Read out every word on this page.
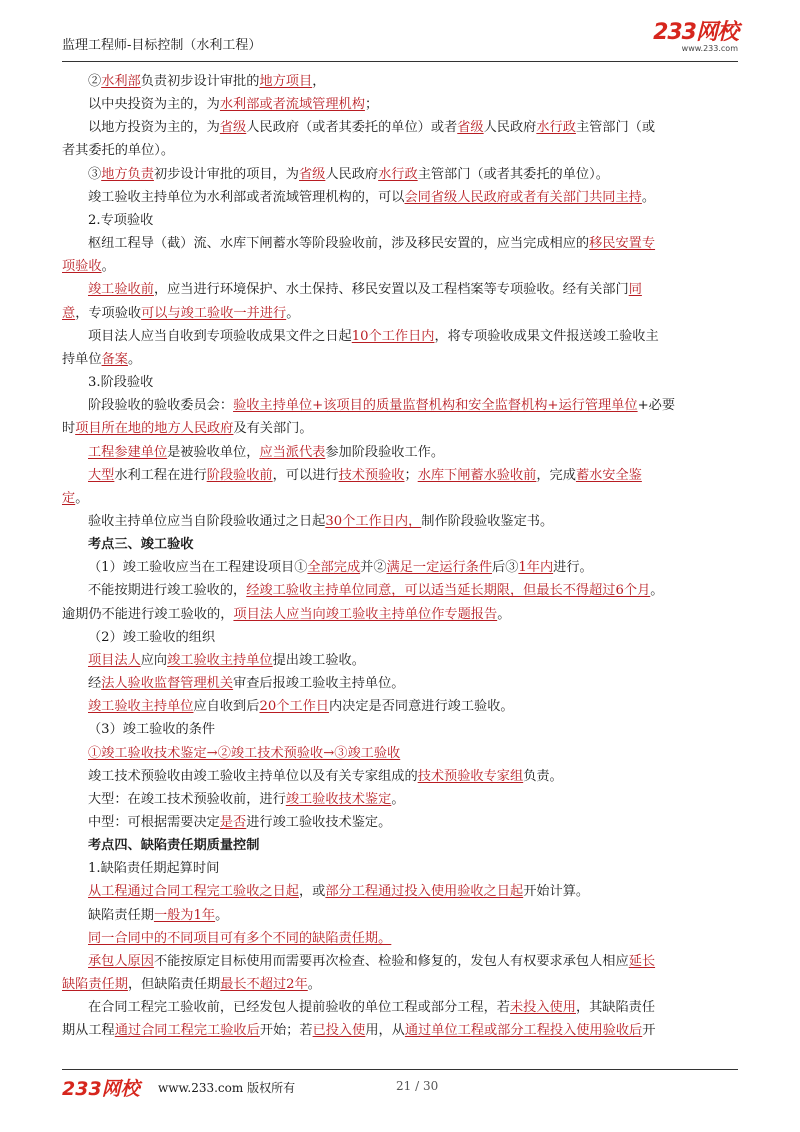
监理工程师-目标控制（水利工程）
233网校
www.233.com
②水利部负责初步设计审批的地方项目，
以中央投资为主的，为水利部或者流域管理机构；
以地方投资为主的，为省级人民政府（或者其委托的单位）或者省级人民政府水行政主管部门（或
者其委托的单位）。
③地方负责初步设计审批的项目，为省级人民政府水行政主管部门（或者其委托的单位）。
竣工验收主持单位为水利部或者流域管理机构的，可以会同省级人民政府或者有关部门共同主持。
2.专项验收
枢纽工程导（截）流、水库下闸蓄水等阶段验收前，涉及移民安置的，应当完成相应的移民安置专
项验收。
竣工验收前，应当进行环境保护、水土保持、移民安置以及工程档案等专项验收。经有关部门同
意，专项验收可以与竣工验收一并进行。
项目法人应当自收到专项验收成果文件之日起10个工作日内，将专项验收成果文件报送竣工验收主
持单位备案。
3.阶段验收
阶段验收的验收委员会：验收主持单位+该项目的质量监督机构和安全监督机构+运行管理单位+必要
时项目所在地的地方人民政府及有关部门。
工程参建单位是被验收单位，应当派代表参加阶段验收工作。
大型水利工程在进行阶段验收前，可以进行技术预验收；水库下闸蓄水验收前，完成蓄水安全鉴
定。
验收主持单位应当自阶段验收通过之日起30个工作日内，制作阶段验收鉴定书。
考点三、竣工验收
（1）竣工验收应当在工程建设项目①全部完成并②满足一定运行条件后③1年内进行。
不能按期进行竣工验收的，经竣工验收主持单位同意，可以适当延长期限，但最长不得超过6个月。
逾期仍不能进行竣工验收的，项目法人应当向竣工验收主持单位作专题报告。
（2）竣工验收的组织
项目法人应向竣工验收主持单位提出竣工验收。
经法人验收监督管理机关审查后报竣工验收主持单位。
竣工验收主持单位应自收到后20个工作日内决定是否同意进行竣工验收。
（3）竣工验收的条件
①竣工验收技术鉴定→②竣工技术预验收→③竣工验收
竣工技术预验收由竣工验收主持单位以及有关专家组成的技术预验收专家组负责。
大型：在竣工技术预验收前，进行竣工验收技术鉴定。
中型：可根据需要决定是否进行竣工验收技术鉴定。
考点四、缺陷责任期质量控制
1.缺陷责任期起算时间
从工程通过合同工程完工验收之日起，或部分工程通过投入使用验收之日起开始计算。
缺陷责任期一般为1年。
同一合同中的不同项目可有多个不同的缺陷责任期。
承包人原因不能按原定目标使用而需要再次检查、检验和修复的，发包人有权要求承包人相应延长
缺陷责任期，但缺陷责任期最长不超过2年。
在合同工程完工验收前，已经发包人提前验收的单位工程或部分工程，若未投入使用，其缺陷责任
期从工程通过合同工程完工验收后开始；若已投入使用，从通过单位工程或部分工程投入使用验收后开
233网校 www.233.com 版权所有	21 / 30
